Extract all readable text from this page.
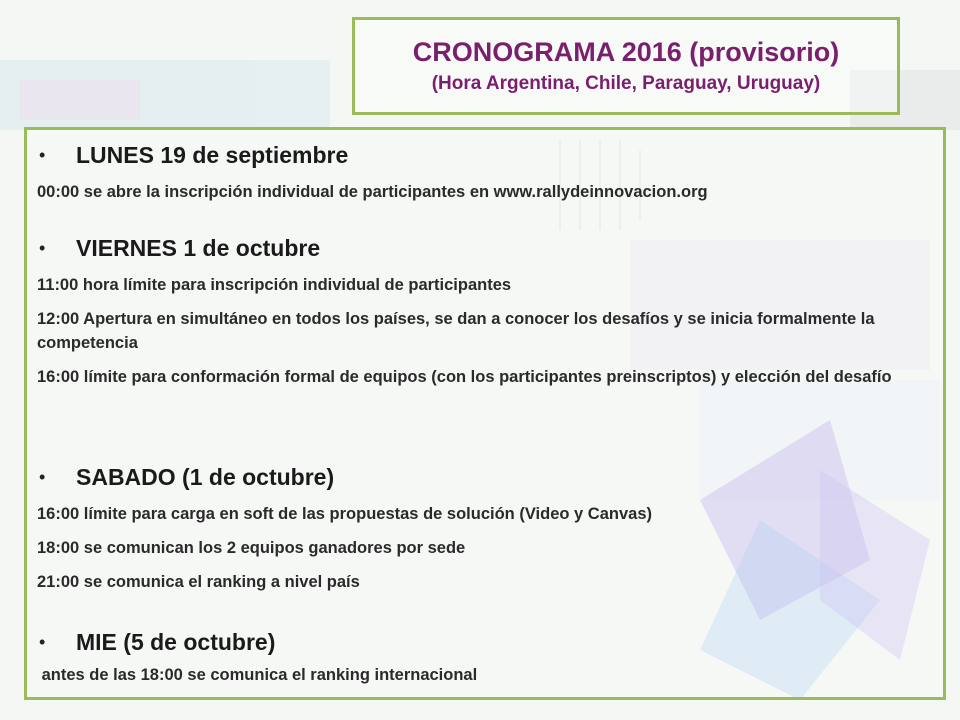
CRONOGRAMA 2016 (provisorio)
(Hora Argentina, Chile, Paraguay, Uruguay)
•	LUNES 19 de septiembre
00:00 se abre la inscripción individual de participantes en www.rallydeinnovacion.org
•	VIERNES 1 de octubre
11:00 hora límite para inscripción individual de participantes
12:00 Apertura en simultáneo en todos los países, se dan a conocer los desafíos y se inicia formalmente la competencia
16:00 límite para conformación formal de equipos (con los participantes preinscriptos) y elección del desafío
•	SABADO (1 de octubre)
16:00 límite para carga en soft de las propuestas de solución (Video y Canvas)
18:00 se comunican los 2 equipos ganadores por sede
21:00 se comunica el ranking a nivel país
•	MIE (5 de octubre)
antes de las 18:00 se comunica el ranking internacional
